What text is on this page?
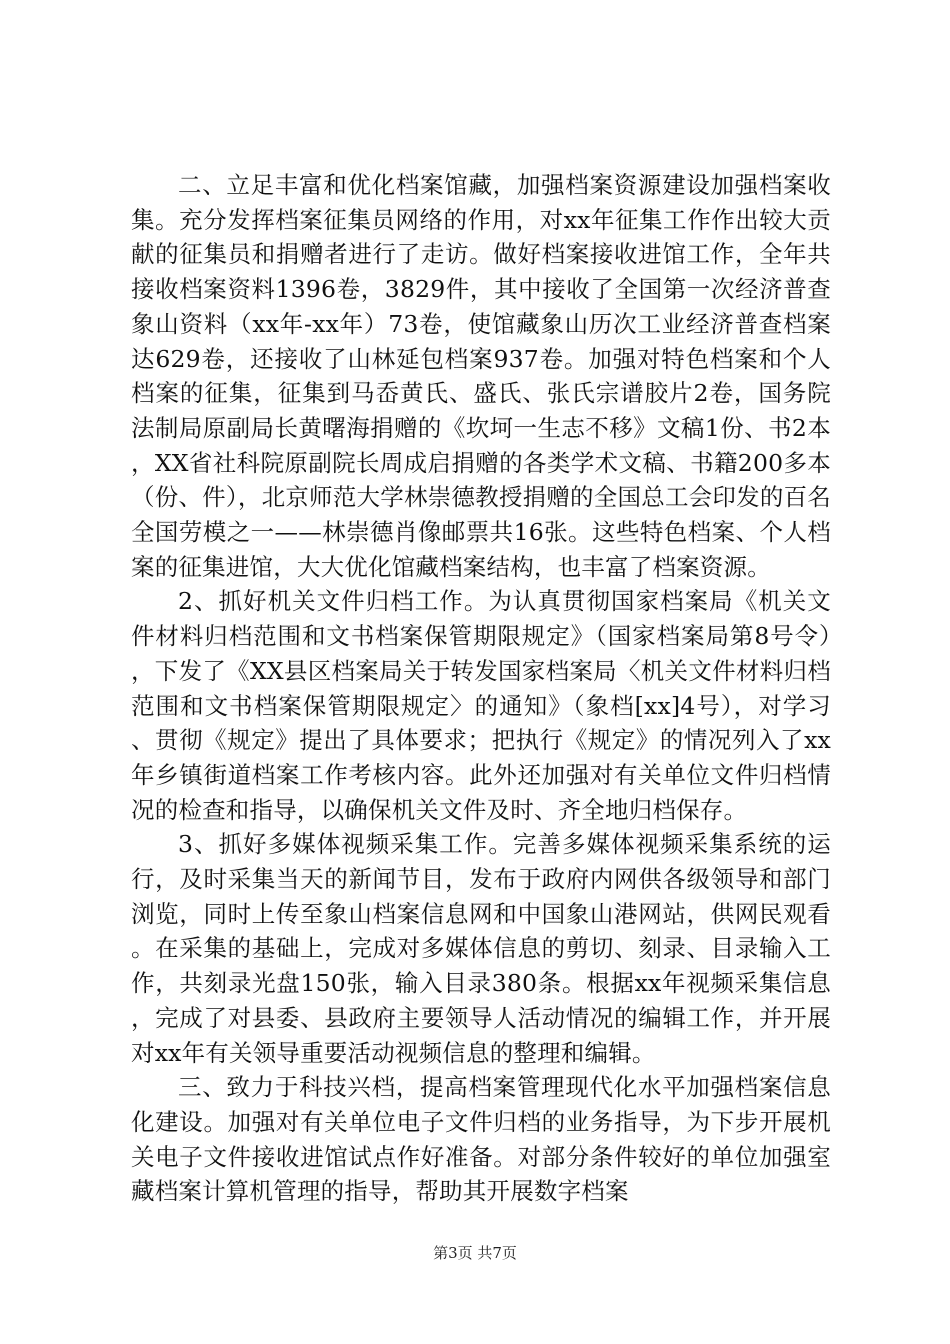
二、立足丰富和优化档案馆藏，加强档案资源建设加强档案收集。充分发挥档案征集员网络的作用，对xx年征集工作作出较大贡献的征集员和捐赠者进行了走访。做好档案接收进馆工作，全年共接收档案资料1396卷，3829件，其中接收了全国第一次经济普查象山资料（xx年-xx年）73卷，使馆藏象山历次工业经济普查档案达629卷，还接收了山林延包档案937卷。加强对特色档案和个人档案的征集，征集到马岙黄氏、盛氏、张氏宗谱胶片2卷，国务院法制局原副局长黄曙海捐赠的《坎坷一生志不移》文稿1份、书2本，XX省社科院原副院长周成启捐赠的各类学术文稿、书籍200多本（份、件），北京师范大学林崇德教授捐赠的全国总工会印发的百名全国劳模之一——林崇德肖像邮票共16张。这些特色档案、个人档案的征集进馆，大大优化馆藏档案结构，也丰富了档案资源。

2、抓好机关文件归档工作。为认真贯彻国家档案局《机关文件材料归档范围和文书档案保管期限规定》（国家档案局第8号令），下发了《XX县区档案局关于转发国家档案局〈机关文件材料归档范围和文书档案保管期限规定〉的通知》（象档[xx]4号），对学习、贯彻《规定》提出了具体要求；把执行《规定》的情况列入了xx年乡镇街道档案工作考核内容。此外还加强对有关单位文件归档情况的检查和指导，以确保机关文件及时、齐全地归档保存。

3、抓好多媒体视频采集工作。完善多媒体视频采集系统的运行，及时采集当天的新闻节目，发布于政府内网供各级领导和部门浏览，同时上传至象山档案信息网和中国象山港网站，供网民观看。在采集的基础上，完成对多媒体信息的剪切、刻录、目录输入工作，共刻录光盘150张，输入目录380条。根据xx年视频采集信息，完成了对县委、县政府主要领导人活动情况的编辑工作，并开展对xx年有关领导重要活动视频信息的整理和编辑。

三、致力于科技兴档，提高档案管理现代化水平加强档案信息化建设。加强对有关单位电子文件归档的业务指导，为下步开展机关电子文件接收进馆试点作好准备。对部分条件较好的单位加强室藏档案计算机管理的指导，帮助其开展数字档案

第3页 共7页
